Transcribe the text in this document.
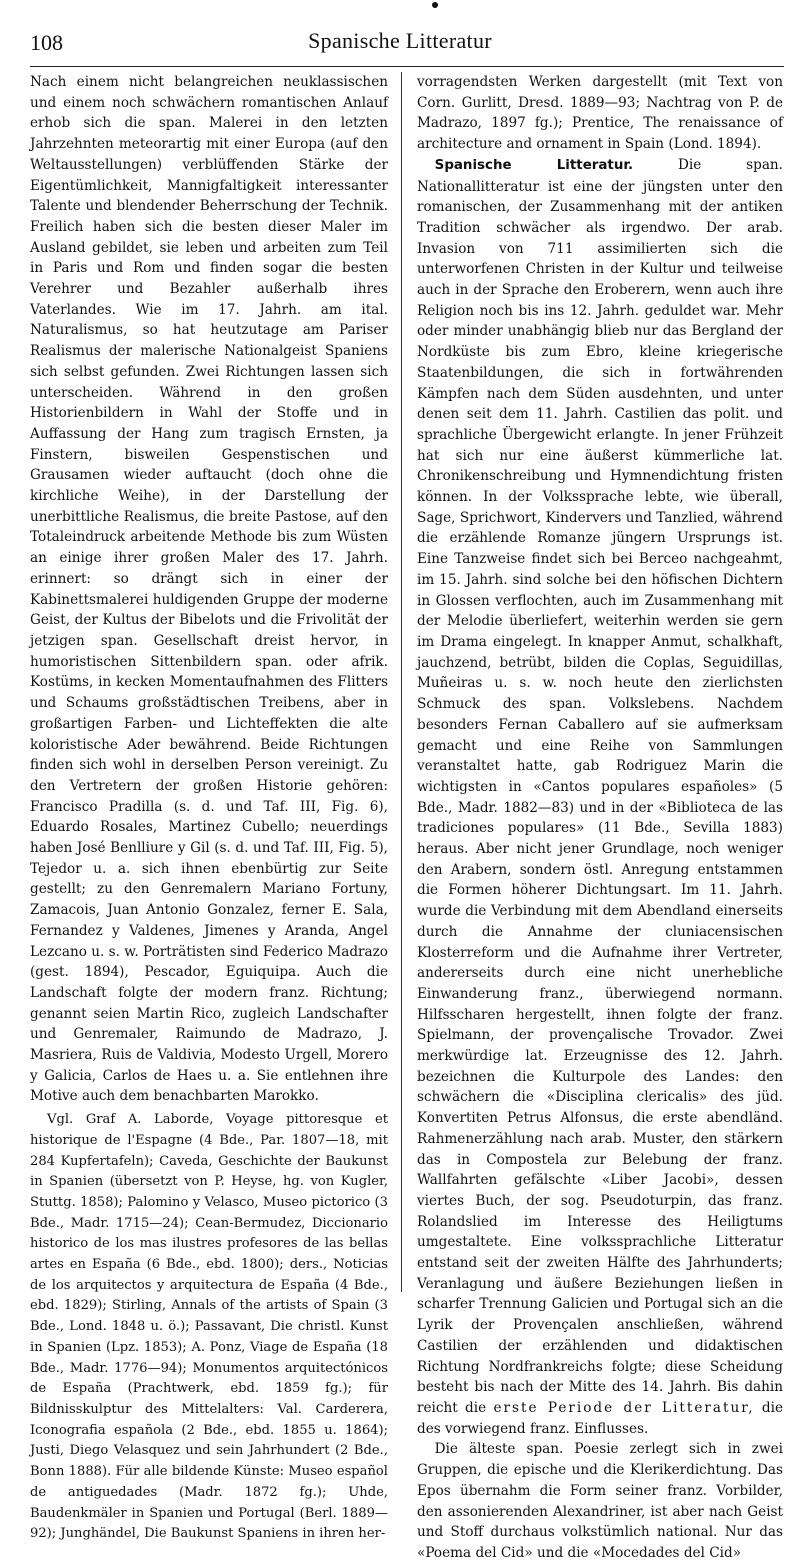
108	Spanische Litteratur

Nach einem nicht belangreichen neuklassischen und einem noch schwächern romantischen Anlauf erhob sich die span. Malerei in den letzten Jahrzehnten meteorartig mit einer Europa (auf den Weltausstellungen) verblüffenden Stärke der Eigentümlichkeit, Mannigfaltigkeit interessanter Talente und blendender Beherrschung der Technik. Freilich haben sich die besten dieser Maler im Ausland gebildet, sie leben und arbeiten zum Teil in Paris und Rom und finden sogar die besten Verehrer und Bezahler außerhalb ihres Vaterlandes. Wie im 17. Jahrh. am ital. Naturalismus, so hat heutzutage am Pariser Realismus der malerische Nationalgeist Spaniens sich selbst gefunden. Zwei Richtungen lassen sich unterscheiden. Während in den großen Historienbildern in Wahl der Stoffe und in Auffassung der Hang zum tragisch Ernsten, ja Finstern, bisweilen Gespenstischen und Grausamen wieder auftaucht (doch ohne die kirchliche Weihe), in der Darstellung der unerbittliche Realismus, die breite Pastose, auf den Totaleindruck arbeitende Methode bis zum Wüsten an einige ihrer großen Maler des 17. Jahrh. erinnert: so drängt sich in einer der Kabinettsmalerei huldigenden Gruppe der moderne Geist, der Kultus der Bibelots und die Frivolität der jetzigen span. Gesellschaft dreist hervor, in humoristischen Sittenbildern span. oder afrik. Kostüms, in kecken Momentaufnahmen des Flitters und Schaums großstädtischen Treibens, aber in großartigen Farben- und Lichteffekten die alte koloristische Ader bewährend. Beide Richtungen finden sich wohl in derselben Person vereinigt. Zu den Vertretern der großen Historie gehören: Francisco Pradilla (s. d. und Taf. III, Fig. 6), Eduardo Rosales, Martinez Cubello; neuerdings haben José Benlliure y Gil (s. d. und Taf. III, Fig. 5), Tejedor u. a. sich ihnen ebenbürtig zur Seite gestellt; zu den Genremalern Mariano Fortuny, Zamacois, Juan Antonio Gonzalez, ferner E. Sala, Fernandez y Valdenes, Jimenes y Aranda, Angel Lezcano u. s. w. Porträtisten sind Federico Madrazo (gest. 1894), Pescador, Eguiquipa. Auch die Landschaft folgte der modern franz. Richtung; genannt seien Martin Rico, zugleich Landschafter und Genremaler, Raimundo de Madrazo, J. Masriera, Ruis de Valdivia, Modesto Urgell, Morero y Galicia, Carlos de Haes u. a. Sie entlehnen ihre Motive auch dem benachbarten Marokko.

Vgl. Graf A. Laborde, Voyage pittoresque et historique de l'Espagne (4 Bde., Par. 1807—18, mit 284 Kupfertafeln); Caveda, Geschichte der Baukunst in Spanien (übersetzt von P. Heyse, hg. von Kugler, Stuttg. 1858); Palomino y Velasco, Museo pictorico (3 Bde., Madr. 1715—24); Cean-Bermudez, Diccionario historico de los mas ilustres profesores de las bellas artes en España (6 Bde., ebd. 1800); ders., Noticias de los arquitectos y arquitectura de España (4 Bde., ebd. 1829); Stirling, Annals of the artists of Spain (3 Bde., Lond. 1848 u. ö.); Passavant, Die christl. Kunst in Spanien (Lpz. 1853); A. Ponz, Viage de España (18 Bde., Madr. 1776—94); Monumentos arquitectónicos de España (Prachtwerk, ebd. 1859 fg.); für Bildnisskulptur des Mittelalters: Val. Carderera, Iconografia española (2 Bde., ebd. 1855 u. 1864); Justi, Diego Velasquez und sein Jahrhundert (2 Bde., Bonn 1888). Für alle bildende Künste: Museo español de antiguedades (Madr. 1872 fg.); Uhde, Baudenkmäler in Spanien und Portugal (Berl. 1889—92); Junghändel, Die Baukunst Spaniens in ihren her-

vorragendsten Werken dargestellt (mit Text von Corn. Gurlitt, Dresd. 1889—93; Nachtrag von P. de Madrazo, 1897 fg.); Prentice, The renaissance of architecture and ornament in Spain (Lond. 1894).

Spanische Litteratur.	Die span. Nationallitteratur ist eine der jüngsten unter den romanischen, der Zusammenhang mit der antiken Tradition schwächer als irgendwo. Der arab. Invasion von 711 assimilierten sich die unterworfenen Christen in der Kultur und teilweise auch in der Sprache den Eroberern, wenn auch ihre Religion noch bis ins 12. Jahrh. geduldet war. Mehr oder minder unabhängig blieb nur das Bergland der Nordküste bis zum Ebro, kleine kriegerische Staatenbildungen, die sich in fortwährenden Kämpfen nach dem Süden ausdehnten, und unter denen seit dem 11. Jahrh. Castilien das polit. und sprachliche Übergewicht erlangte. In jener Frühzeit hat sich nur eine äußerst kümmerliche lat. Chronikenschreibung und Hymnendichtung fristen können. In der Volkssprache lebte, wie überall, Sage, Sprichwort, Kindervers und Tanzlied, während die erzählende Romanze jüngern Ursprungs ist. Eine Tanzweise findet sich bei Berceo nachgeahmt, im 15. Jahrh. sind solche bei den höfischen Dichtern in Glossen verflochten, auch im Zusammenhang mit der Melodie überliefert, weiterhin werden sie gern im Drama eingelegt. In knapper Anmut, schalkhaft, jauchzend, betrübt, bilden die Coplas, Seguidillas, Muñeiras u. s. w. noch heute den zierlichsten Schmuck des span. Volkslebens. Nachdem besonders Fernan Caballero auf sie aufmerksam gemacht und eine Reihe von Sammlungen veranstaltet hatte, gab Rodriguez Marin die wichtigsten in «Cantos populares españoles» (5 Bde., Madr. 1882—83) und in der «Biblioteca de las tradiciones populares» (11 Bde., Sevilla 1883) heraus. Aber nicht jener Grundlage, noch weniger den Arabern, sondern östl. Anregung entstammen die Formen höherer Dichtungsart. Im 11. Jahrh. wurde die Verbindung mit dem Abendland einerseits durch die Annahme der cluniacensischen Klosterreform und die Aufnahme ihrer Vertreter, andererseits durch eine nicht unerhebliche Einwanderung franz., überwiegend normann. Hilfsscharen hergestellt, ihnen folgte der franz. Spielmann, der provençalische Trovador. Zwei merkwürdige lat. Erzeugnisse des 12. Jahrh. bezeichnen die Kulturpole des Landes: den schwächern die «Disciplina clericalis» des jüd. Konvertiten Petrus Alfonsus, die erste abendländ. Rahmenerzählung nach arab. Muster, den stärkern das in Compostela zur Belebung der franz. Wallfahrten gefälschte «Liber Jacobi», dessen viertes Buch, der sog. Pseudoturpin, das franz. Rolandslied im Interesse des Heiligtums umgestaltete. Eine volkssprachliche Litteratur entstand seit der zweiten Hälfte des Jahrhunderts; Veranlagung und äußere Beziehungen ließen in scharfer Trennung Galicien und Portugal sich an die Lyrik der Provençalen anschließen, während Castilien der erzählenden und didaktischen Richtung Nordfrankreichs folgte; diese Scheidung besteht bis nach der Mitte des 14. Jahrh. Bis dahin reicht die erste Periode der Litteratur, die des vorwiegend franz. Einflusses.

Die älteste span. Poesie zerlegt sich in zwei Gruppen, die epische und die Klerikerdichtung. Das Epos übernahm die Form seiner franz. Vorbilder, den assonierenden Alexandriner, ist aber nach Geist und Stoff durchaus volkstümlich national. Nur das «Poema del Cid» und die «Mocedades del Cid»
